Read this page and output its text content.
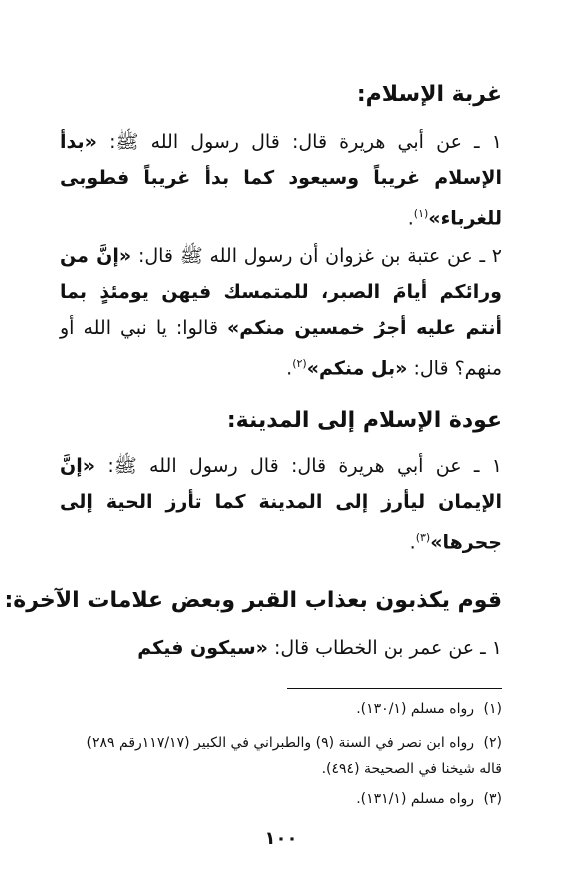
غربة الإسلام:
١ ـ عن أبي هريرة قال: قال رسول الله ﷺ: «بدأ الإسلام غريباً وسيعود كما بدأ غريباً فطوبى للغرباء»$^{(١)}$.
٢ ـ عن عتبة بن غزوان أن رسول الله ﷺ قال: «إنَّ من ورائكم أيامَ الصبر، للمتمسك فيهن يومئذٍ بما أنتم عليه أجرُ خمسين منكم» قالوا: يا نبي الله أو منهم؟ قال: «بل منكم»$^{(٢)}$.
عودة الإسلام إلى المدينة:
١ ـ عن أبي هريرة قال: قال رسول الله ﷺ: «إنَّ الإيمان ليأرز إلى المدينة كما تأرز الحية إلى جحرها»$^{(٣)}$.
قوم يكذبون بعذاب القبر وبعض علامات الآخرة:
١ ـ عن عمر بن الخطاب قال: «سيكون فيكم
(١)رواه مسلم (١٣٠/١).
(٢)رواه ابن نصر في السنة (٩) والطبراني في الكبير (١١٧/١٧رقم ٢٨٩) قاله شيخنا في الصحيحة (٤٩٤).
(٣)رواه مسلم (١٣١/١).
١٠٠
